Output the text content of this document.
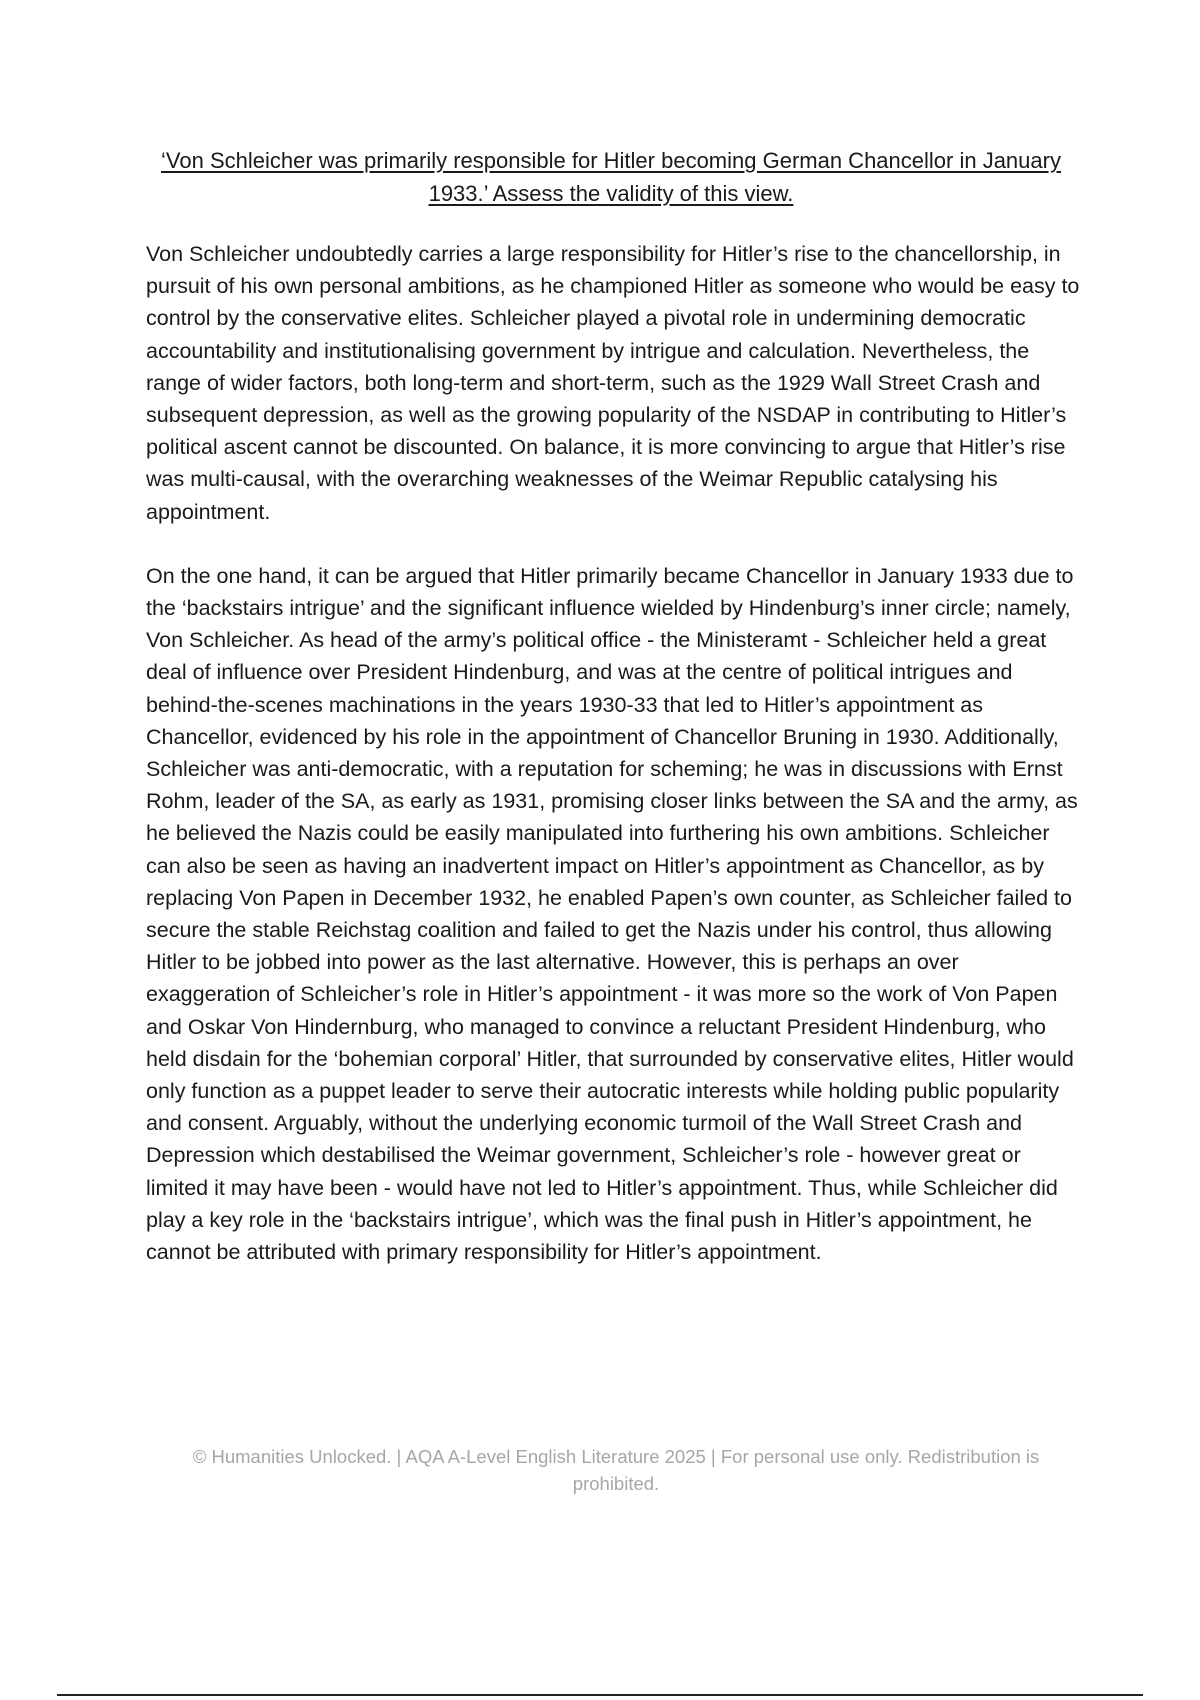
‘Von Schleicher was primarily responsible for Hitler becoming German Chancellor in January 1933.’ Assess the validity of this view.

Von Schleicher undoubtedly carries a large responsibility for Hitler’s rise to the chancellorship, in pursuit of his own personal ambitions, as he championed Hitler as someone who would be easy to control by the conservative elites. Schleicher played a pivotal role in undermining democratic accountability and institutionalising government by intrigue and calculation. Nevertheless, the range of wider factors, both long-term and short-term, such as the 1929 Wall Street Crash and subsequent depression, as well as the growing popularity of the NSDAP in contributing to Hitler’s political ascent cannot be discounted. On balance, it is more convincing to argue that Hitler’s rise was multi-causal, with the overarching weaknesses of the Weimar Republic catalysing his appointment.

On the one hand, it can be argued that Hitler primarily became Chancellor in January 1933 due to the ‘backstairs intrigue’ and the significant influence wielded by Hindenburg’s inner circle; namely, Von Schleicher. As head of the army’s political office - the Ministeramt - Schleicher held a great deal of influence over President Hindenburg, and was at the centre of political intrigues and behind-the-scenes machinations in the years 1930-33 that led to Hitler’s appointment as Chancellor, evidenced by his role in the appointment of Chancellor Bruning in 1930. Additionally, Schleicher was anti-democratic, with a reputation for scheming; he was in discussions with Ernst Rohm, leader of the SA, as early as 1931, promising closer links between the SA and the army, as he believed the Nazis could be easily manipulated into furthering his own ambitions. Schleicher can also be seen as having an inadvertent impact on Hitler’s appointment as Chancellor, as by replacing Von Papen in December 1932, he enabled Papen’s own counter, as Schleicher failed to secure the stable Reichstag coalition and failed to get the Nazis under his control, thus allowing Hitler to be jobbed into power as the last alternative. However, this is perhaps an over exaggeration of Schleicher’s role in Hitler’s appointment - it was more so the work of Von Papen and Oskar Von Hindernburg, who managed to convince a reluctant President Hindenburg, who held disdain for the ‘bohemian corporal’ Hitler, that surrounded by conservative elites, Hitler would only function as a puppet leader to serve their autocratic interests while holding public popularity and consent. Arguably, without the underlying economic turmoil of the Wall Street Crash and Depression which destabilised the Weimar government, Schleicher’s role - however great or limited it may have been - would have not led to Hitler’s appointment. Thus, while Schleicher did play a key role in the ‘backstairs intrigue’, which was the final push in Hitler’s appointment, he cannot be attributed with primary responsibility for Hitler’s appointment.

© Humanities Unlocked. | AQA A-Level English Literature 2025 | For personal use only. Redistribution is prohibited.
